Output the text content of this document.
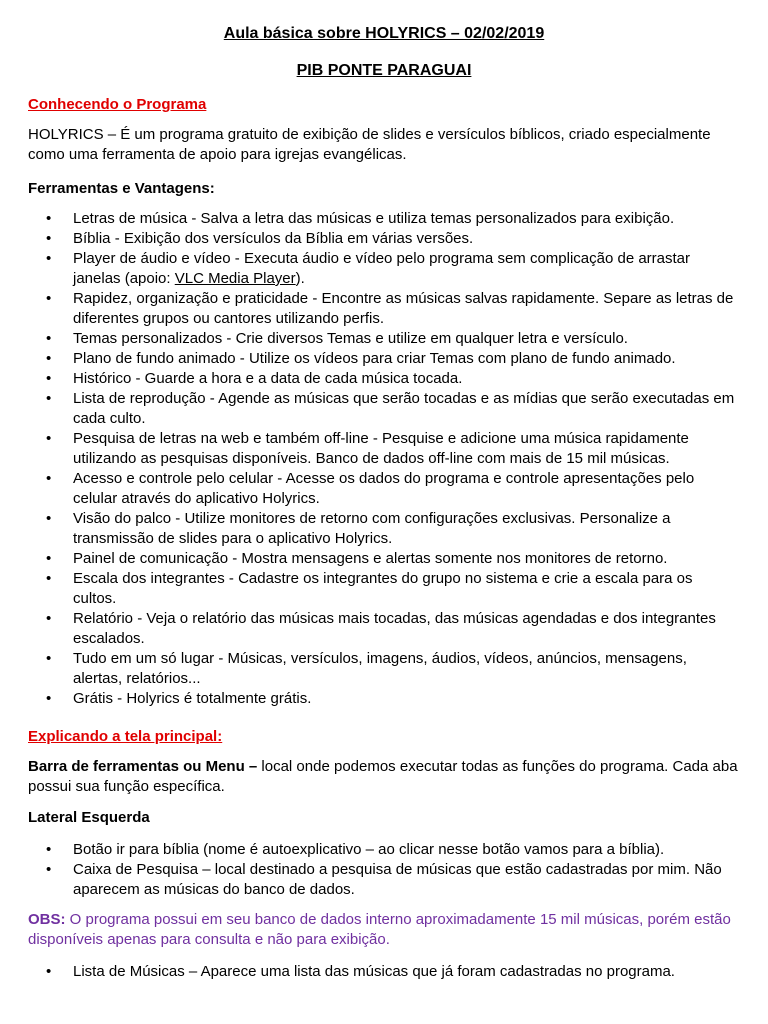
Aula básica sobre HOLYRICS – 02/02/2019
PIB PONTE PARAGUAI

Conhecendo o Programa

HOLYRICS – É um programa gratuito de exibição de slides e versículos bíblicos, criado especialmente como uma ferramenta de apoio para igrejas evangélicas.

Ferramentas e Vantagens:

• Letras de música - Salva a letra das músicas e utiliza temas personalizados para exibição.
• Bíblia - Exibição dos versículos da Bíblia em várias versões.
• Player de áudio e vídeo - Executa áudio e vídeo pelo programa sem complicação de arrastar janelas (apoio: VLC Media Player).
• Rapidez, organização e praticidade - Encontre as músicas salvas rapidamente. Separe as letras de diferentes grupos ou cantores utilizando perfis.
• Temas personalizados - Crie diversos Temas e utilize em qualquer letra e versículo.
• Plano de fundo animado - Utilize os vídeos para criar Temas com plano de fundo animado.
• Histórico - Guarde a hora e a data de cada música tocada.
• Lista de reprodução - Agende as músicas que serão tocadas e as mídias que serão executadas em cada culto.
• Pesquisa de letras na web e também off-line - Pesquise e adicione uma música rapidamente utilizando as pesquisas disponíveis. Banco de dados off-line com mais de 15 mil músicas.
• Acesso e controle pelo celular - Acesse os dados do programa e controle apresentações pelo celular através do aplicativo Holyrics.
• Visão do palco - Utilize monitores de retorno com configurações exclusivas. Personalize a transmissão de slides para o aplicativo Holyrics.
• Painel de comunicação - Mostra mensagens e alertas somente nos monitores de retorno.
• Escala dos integrantes - Cadastre os integrantes do grupo no sistema e crie a escala para os cultos.
• Relatório - Veja o relatório das músicas mais tocadas, das músicas agendadas e dos integrantes escalados.
• Tudo em um só lugar - Músicas, versículos, imagens, áudios, vídeos, anúncios, mensagens, alertas, relatórios...
• Grátis - Holyrics é totalmente grátis.

Explicando a tela principal:

Barra de ferramentas ou Menu – local onde podemos executar todas as funções do programa. Cada aba possui sua função específica.

Lateral Esquerda

• Botão ir para bíblia (nome é autoexplicativo – ao clicar nesse botão vamos para a bíblia).
• Caixa de Pesquisa – local destinado a pesquisa de músicas que estão cadastradas por mim. Não aparecem as músicas do banco de dados.

OBS: O programa possui em seu banco de dados interno aproximadamente 15 mil músicas, porém estão disponíveis apenas para consulta e não para exibição.

• Lista de Músicas – Aparece uma lista das músicas que já foram cadastradas no programa.
